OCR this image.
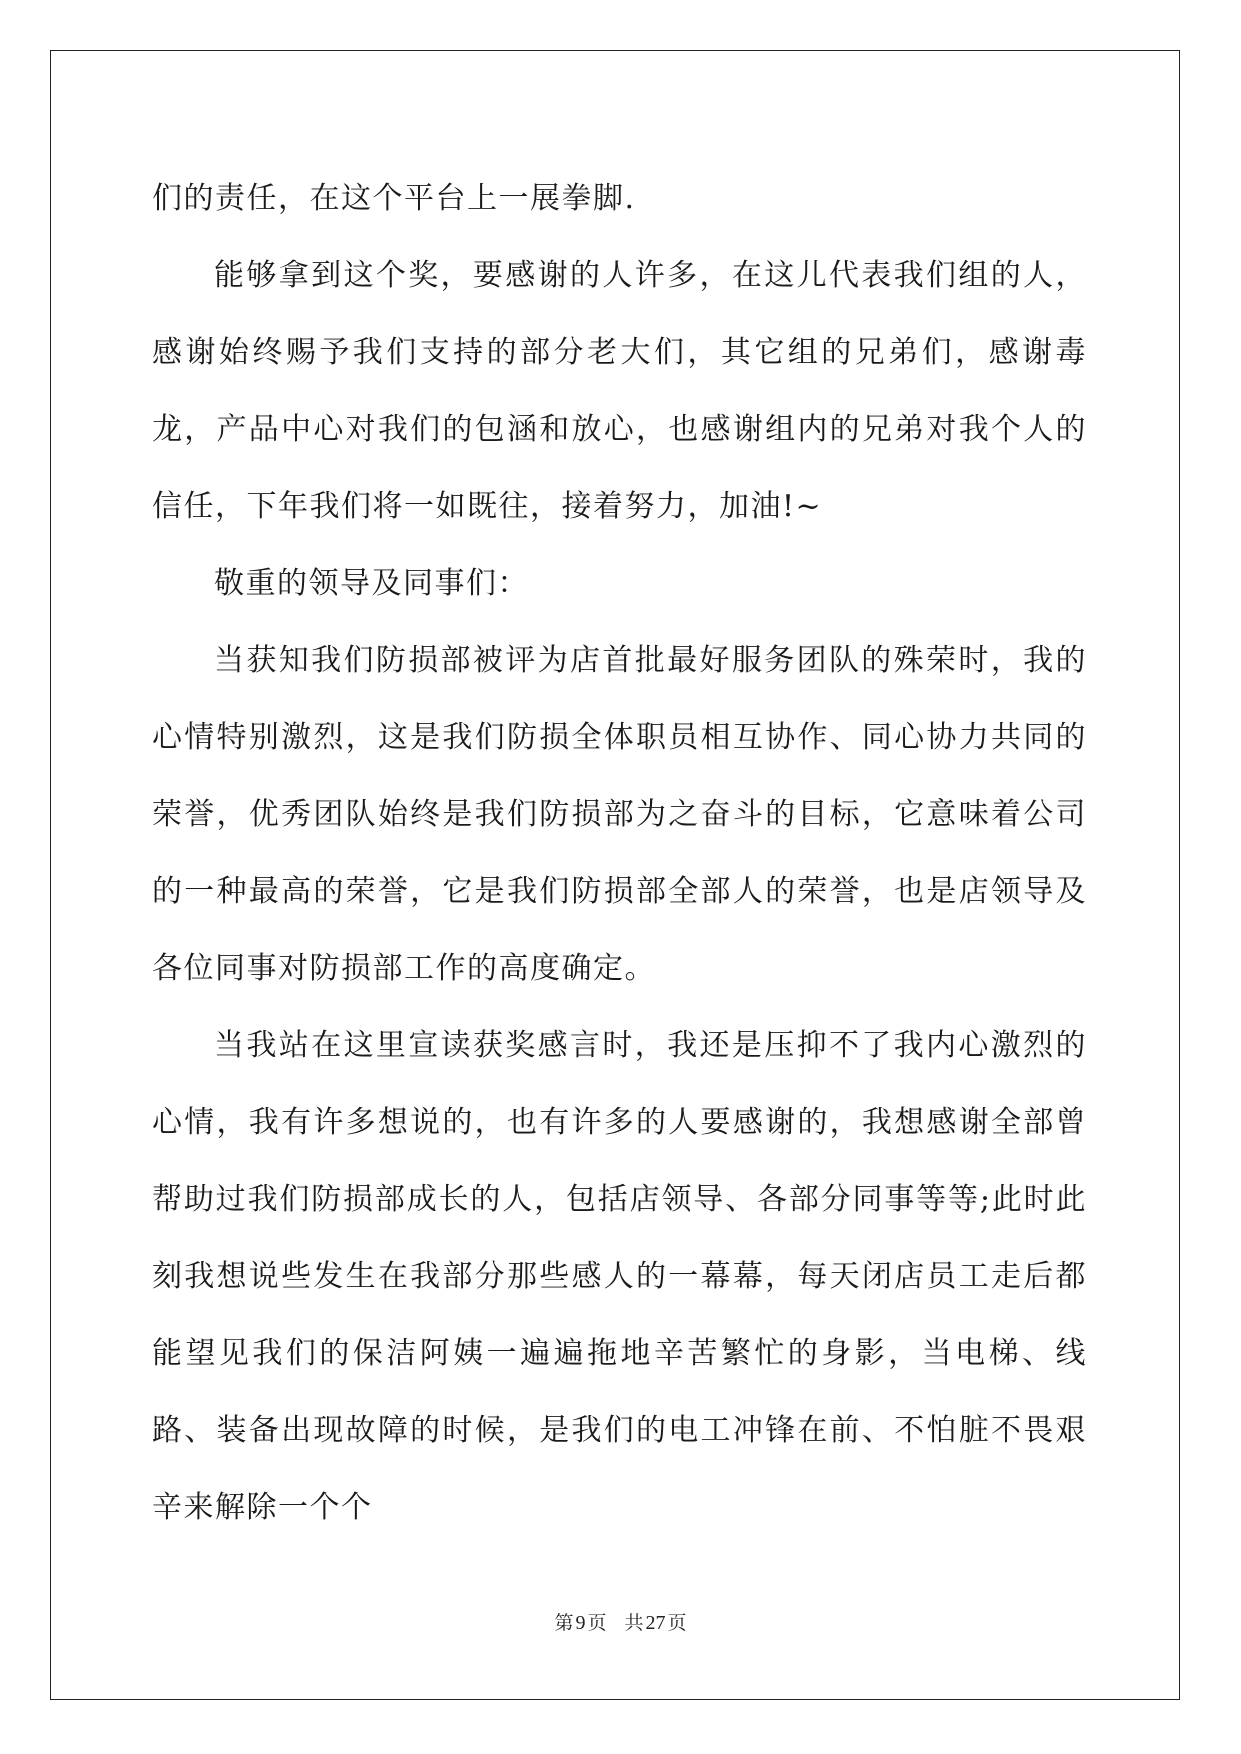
们的责任，在这个平台上一展拳脚.

能够拿到这个奖，要感谢的人许多，在这儿代表我们组的人，感谢始终赐予我们支持的部分老大们，其它组的兄弟们，感谢毒龙，产品中心对我们的包涵和放心，也感谢组内的兄弟对我个人的信任，下年我们将一如既往，接着努力，加油!~

敬重的领导及同事们：

当获知我们防损部被评为店首批最好服务团队的殊荣时，我的心情特别激烈，这是我们防损全体职员相互协作、同心协力共同的荣誉，优秀团队始终是我们防损部为之奋斗的目标，它意味着公司的一种最高的荣誉，它是我们防损部全部人的荣誉，也是店领导及各位同事对防损部工作的高度确定。

当我站在这里宣读获奖感言时，我还是压抑不了我内心激烈的心情，我有许多想说的，也有许多的人要感谢的，我想感谢全部曾帮助过我们防损部成长的人，包括店领导、各部分同事等等;此时此刻我想说些发生在我部分那些感人的一幕幕，每天闭店员工走后都能望见我们的保洁阿姨一遍遍拖地辛苦繁忙的身影，当电梯、线路、装备出现故障的时候，是我们的电工冲锋在前、不怕脏不畏艰辛来解除一个个

第 9 页 共 27 页
